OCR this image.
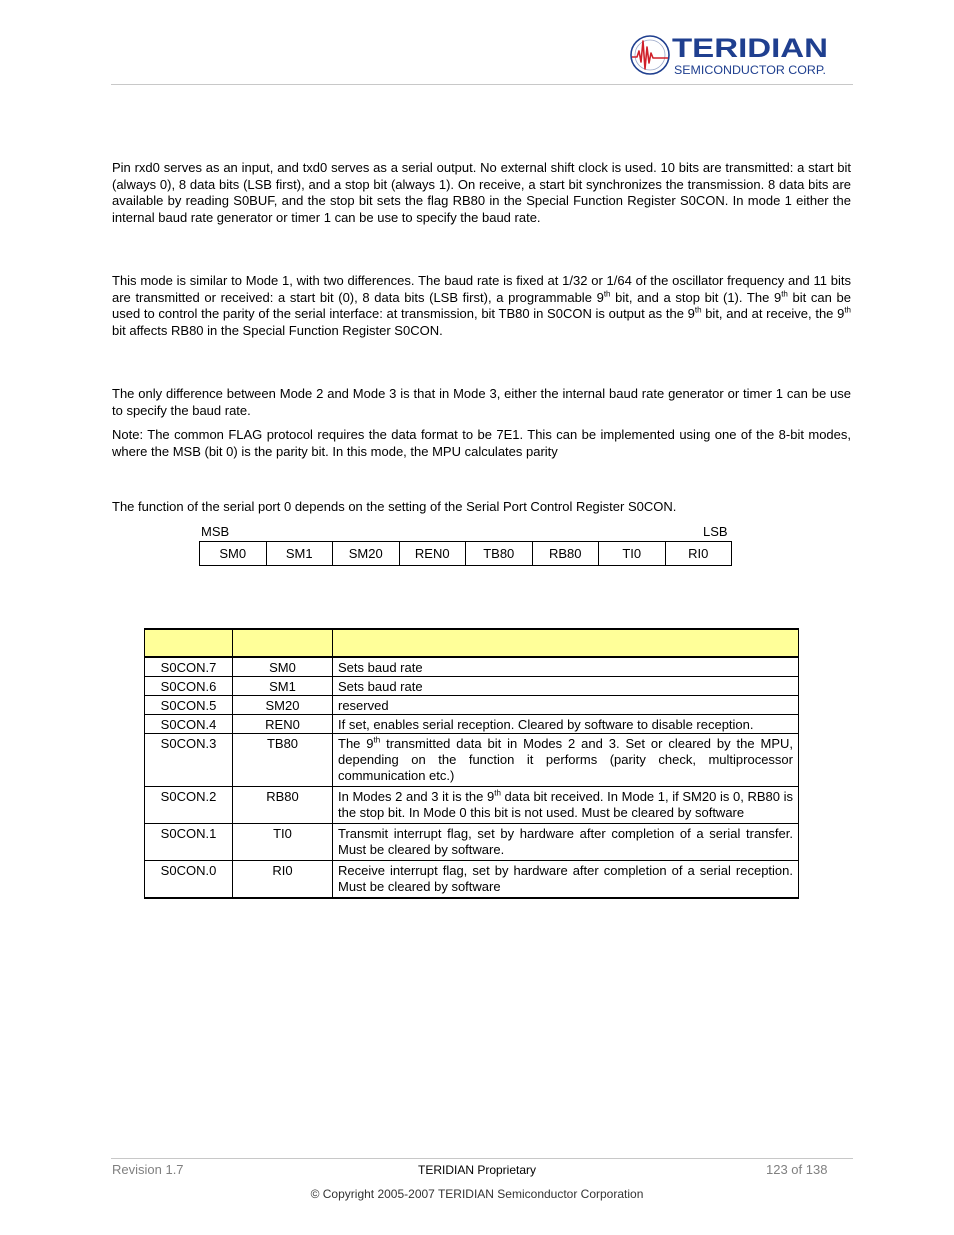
TERIDIAN
SEMICONDUCTOR CORP.
Pin rxd0 serves as an input, and txd0 serves as a serial output. No external shift clock is used. 10 bits are transmitted: a start bit (always 0), 8 data bits (LSB first), and a stop bit (always 1). On receive, a start bit synchronizes the transmission. 8 data bits are available by reading S0BUF, and the stop bit sets the flag RB80 in the Special Function Register S0CON. In mode 1 either the internal baud rate generator or timer 1 can be use to specify the baud rate.
This mode is similar to Mode 1, with two differences. The baud rate is fixed at 1/32 or 1/64 of the oscillator frequency and 11 bits are transmitted or received: a start bit (0), 8 data bits (LSB first), a programmable 9th bit, and a stop bit (1). The 9th bit can be used to control the parity of the serial interface: at transmission, bit TB80 in S0CON is output as the 9th bit, and at receive, the 9th bit affects RB80 in the Special Function Register S0CON.
The only difference between Mode 2 and Mode 3 is that in Mode 3, either the internal baud rate generator or timer 1 can be use to specify the baud rate.
Note: The common FLAG protocol requires the data format to be 7E1. This can be implemented using one of the 8-bit modes, where the MSB (bit 0) is the parity bit. In this mode, the MPU calculates parity
The function of the serial port 0 depends on the setting of the Serial Port Control Register S0CON.
MSB	LSB
SM0	SM1	SM20	REN0	TB80	RB80	TI0	RI0

S0CON.7	SM0	Sets baud rate
S0CON.6	SM1	Sets baud rate
S0CON.5	SM20	reserved
S0CON.4	REN0	If set, enables serial reception. Cleared by software to disable reception.
S0CON.3	TB80	The 9th transmitted data bit in Modes 2 and 3. Set or cleared by the MPU, depending on the function it performs (parity check, multiprocessor communication etc.)
S0CON.2	RB80	In Modes 2 and 3 it is the 9th data bit received. In Mode 1, if SM20 is 0, RB80 is the stop bit. In Mode 0 this bit is not used. Must be cleared by software
S0CON.1	TI0	Transmit interrupt flag, set by hardware after completion of a serial transfer. Must be cleared by software.
S0CON.0	RI0	Receive interrupt flag, set by hardware after completion of a serial reception. Must be cleared by software
Revision 1.7	TERIDIAN Proprietary	123 of 138
© Copyright 2005-2007 TERIDIAN Semiconductor Corporation
